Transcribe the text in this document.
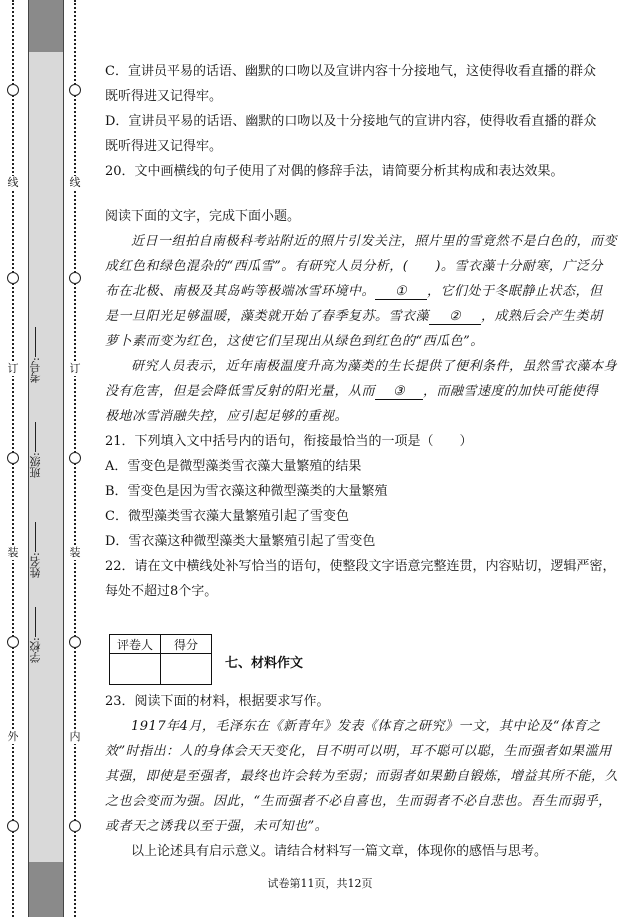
线
订
装
外
考号:
班级:
姓名:
学校:
线
订
装
内
C．宣讲员平易的话语、幽默的口吻以及宣讲内容十分接地气，这使得收看直播的群众
既听得进又记得牢。
D．宣讲员平易的话语、幽默的口吻以及十分接地气的宣讲内容，使得收看直播的群众
既听得进又记得牢。
20．文中画横线的句子使用了对偶的修辞手法，请简要分析其构成和表达效果。
阅读下面的文字，完成下面小题。
近日一组拍自南极科考站附近的照片引发关注，照片里的雪竟然不是白色的，而变
成红色和绿色混杂的“西瓜雪”。有研究人员分析，(　　)。雪衣藻十分耐寒，广泛分
布在北极、南极及其岛屿等极端冰雪环境中。 ① ，它们处于冬眠静止状态，但
是一旦阳光足够温暖，藻类就开始了春季复苏。雪衣藻 ② ，成熟后会产生类胡
萝卜素而变为红色，这使它们呈现出从绿色到红色的“西瓜色”。
研究人员表示，近年南极温度升高为藻类的生长提供了便利条件，虽然雪衣藻本身
没有危害，但是会降低雪反射的阳光量，从而 ③ ，而融雪速度的加快可能使得
极地冰雪消融失控，应引起足够的重视。
21．下列填入文中括号内的语句，衔接最恰当的一项是（　　）
A．雪变色是微型藻类雪衣藻大量繁殖的结果
B．雪变色是因为雪衣藻这种微型藻类的大量繁殖
C．微型藻类雪衣藻大量繁殖引起了雪变色
D．雪衣藻这种微型藻类大量繁殖引起了雪变色
22．请在文中横线处补写恰当的语句，使整段文字语意完整连贯，内容贴切，逻辑严密，
每处不超过8个字。
评卷人	得分

七、材料作文
23．阅读下面的材料，根据要求写作。
1917年4月，毛泽东在《新青年》发表《体育之研究》一文，其中论及“体育之
效”时指出：人的身体会天天变化，目不明可以明，耳不聪可以聪，生而强者如果滥用
其强，即使是至强者，最终也许会转为至弱；而弱者如果勤自锻炼，增益其所不能，久
之也会变而为强。因此，“生而强者不必自喜也，生而弱者不必自悲也。吾生而弱乎，
或者天之诱我以至于强，未可知也”。
以上论述具有启示意义。请结合材料写一篇文章，体现你的感悟与思考。
试卷第11页，共12页
